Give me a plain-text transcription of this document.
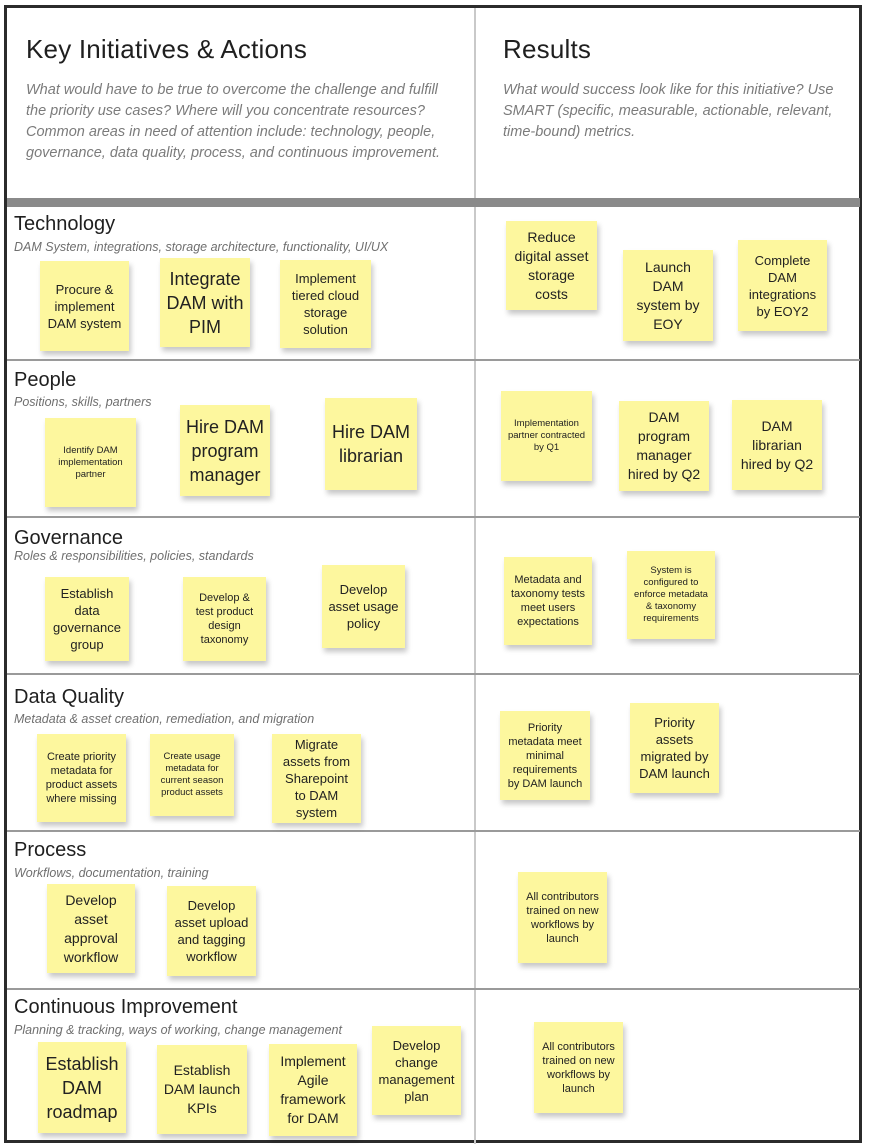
Key Initiatives & Actions
What would have to be true to overcome the challenge and fulfill the priority use cases? Where will you concentrate resources? Common areas in need of attention include: technology, people, governance, data quality, process, and continuous improvement.
Results
What would success look like for this initiative? Use SMART (specific, measurable, actionable, relevant, time-bound) metrics.
Technology
DAM System, integrations, storage architecture, functionality, UI/UX
Procure & implement DAM system
Integrate DAM with PIM
Implement tiered cloud storage solution
Reduce digital asset storage costs
Launch DAM system by EOY
Complete DAM integrations by EOY2
People
Positions, skills, partners
Identify DAM implementation partner
Hire DAM program manager
Hire DAM librarian
Implementation partner contracted by Q1
DAM program manager hired by Q2
DAM librarian hired by Q2
Governance
Roles & responsibilities, policies, standards
Establish data governance group
Develop & test product design taxonomy
Develop asset usage policy
Metadata and taxonomy tests meet users expectations
System is configured to enforce metadata & taxonomy requirements
Data Quality
Metadata & asset creation, remediation, and migration
Create priority metadata for product assets where missing
Create usage metadata for current season product assets
Migrate assets from Sharepoint to DAM system
Priority metadata meet minimal requirements by DAM launch
Priority assets migrated by DAM launch
Process
Workflows, documentation, training
Develop asset approval workflow
Develop asset upload and tagging workflow
All contributors trained on new workflows by launch
Continuous Improvement
Planning & tracking, ways of working, change management
Establish DAM roadmap
Establish DAM launch KPIs
Implement Agile framework for DAM
Develop change management plan
All contributors trained on new workflows by launch
